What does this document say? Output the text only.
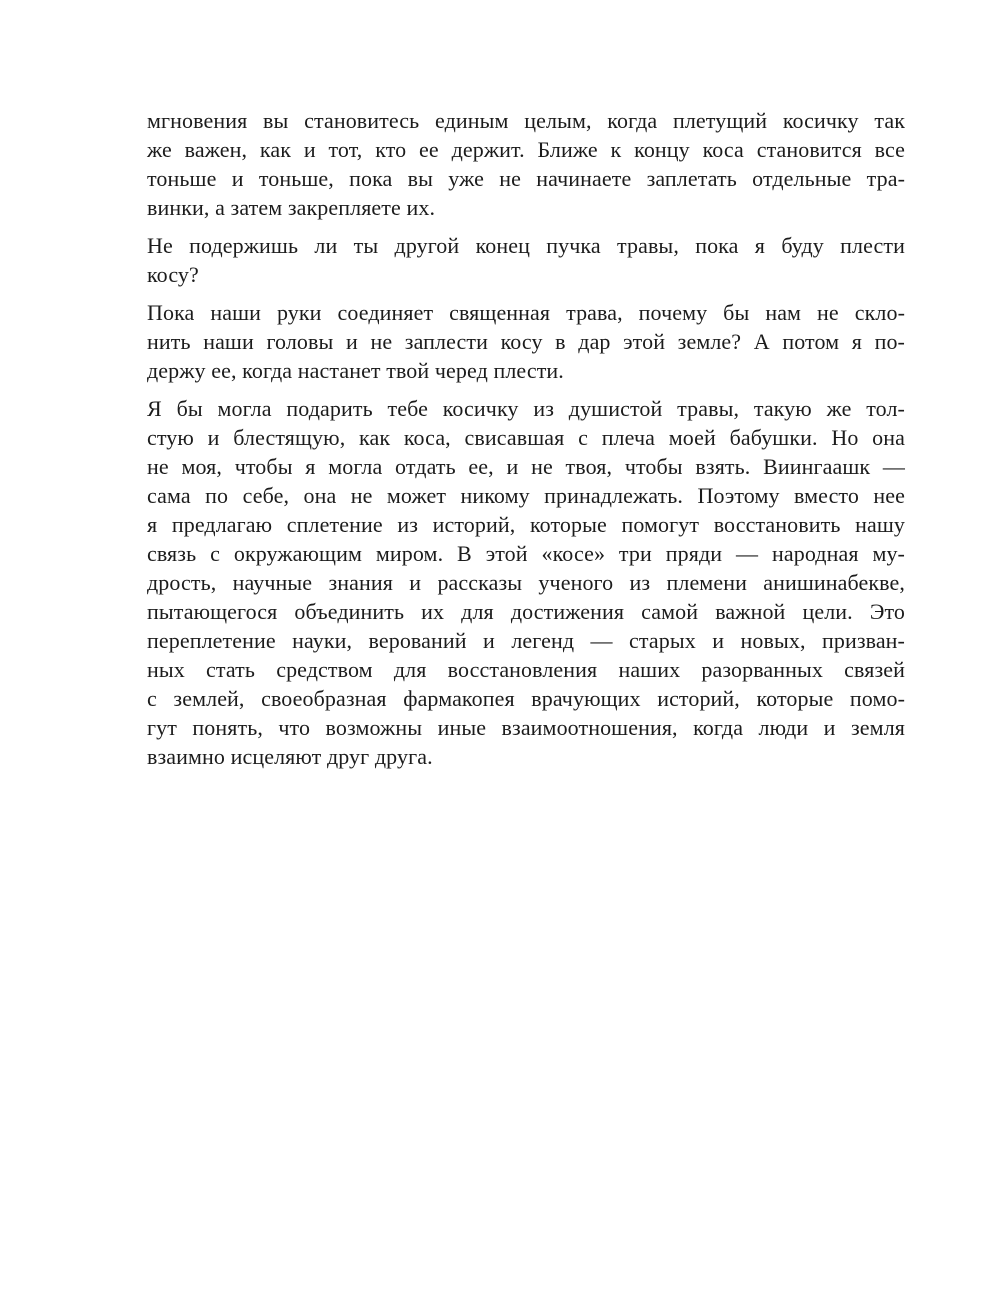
мгновения вы становитесь единым целым, когда плетущий косичку так
же важен, как и тот, кто ее держит. Ближе к концу коса становится все
тоньше и тоньше, пока вы уже не начинаете заплетать отдельные тра-
винки, а затем закрепляете их.
Не подержишь ли ты другой конец пучка травы, пока я буду плести
косу?
Пока наши руки соединяет священная трава, почему бы нам не скло-
нить наши головы и не заплести косу в дар этой земле? А потом я по-
держу ее, когда настанет твой черед плести.
Я бы могла подарить тебе косичку из душистой травы, такую же тол-
стую и блестящую, как коса, свисавшая с плеча моей бабушки. Но она
не моя, чтобы я могла отдать ее, и не твоя, чтобы взять. Виингаашк —
сама по себе, она не может никому принадлежать. Поэтому вместо нее
я предлагаю сплетение из историй, которые помогут восстановить нашу
связь с окружающим миром. В этой «косе» три пряди — народная му-
дрость, научные знания и рассказы ученого из племени анишинабекве,
пытающегося объединить их для достижения самой важной цели. Это
переплетение науки, верований и легенд — старых и новых, призван-
ных стать средством для восстановления наших разорванных связей
с землей, своеобразная фармакопея врачующих историй, которые помо-
гут понять, что возможны иные взаимоотношения, когда люди и земля
взаимно исцеляют друг друга.
